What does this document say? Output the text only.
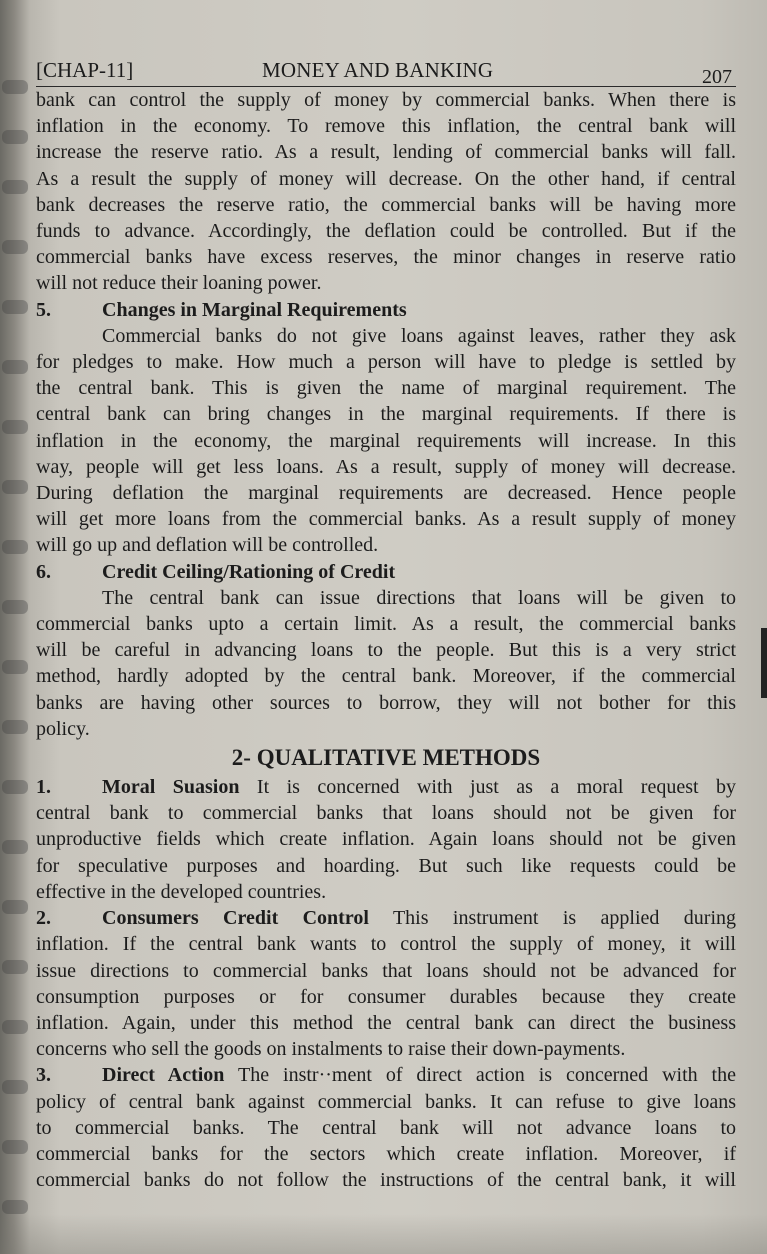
[CHAP-11]	MONEY AND BANKING	207
bank can control the supply of money by commercial banks. When there is
inflation in the economy. To remove this inflation, the central bank will
increase the reserve ratio. As a result, lending of commercial banks will fall.
As a result the supply of money will decrease. On the other hand, if central
bank decreases the reserve ratio, the commercial banks will be having more
funds to advance. Accordingly, the deflation could be controlled. But if the
commercial banks have excess reserves, the minor changes in reserve ratio
will not reduce their loaning power.
5.	Changes in Marginal Requirements
Commercial banks do not give loans against leaves, rather they ask
for pledges to make. How much a person will have to pledge is settled by
the central bank. This is given the name of marginal requirement. The
central bank can bring changes in the marginal requirements. If there is
inflation in the economy, the marginal requirements will increase. In this
way, people will get less loans. As a result, supply of money will decrease.
During deflation the marginal requirements are decreased. Hence people
will get more loans from the commercial banks. As a result supply of money
will go up and deflation will be controlled.
6.	Credit Ceiling/Rationing of Credit
The central bank can issue directions that loans will be given to
commercial banks upto a certain limit. As a result, the commercial banks
will be careful in advancing loans to the people. But this is a very strict
method, hardly adopted by the central bank. Moreover, if the commercial
banks are having other sources to borrow, they will not bother for this
policy.
2- QUALITATIVE METHODS
1.	Moral Suasion It is concerned with just as a moral request by
central bank to commercial banks that loans should not be given for
unproductive fields which create inflation. Again loans should not be given
for speculative purposes and hoarding. But such like requests could be
effective in the developed countries.
2.	Consumers Credit Control This instrument is applied during
inflation. If the central bank wants to control the supply of money, it will
issue directions to commercial banks that loans should not be advanced for
consumption purposes or for consumer durables because they create
inflation. Again, under this method the central bank can direct the business
concerns who sell the goods on instalments to raise their down-payments.
3.	Direct Action The instr··ment of direct action is concerned with the
policy of central bank against commercial banks. It can refuse to give loans
to commercial banks. The central bank will not advance loans to
commercial banks for the sectors which create inflation. Moreover, if
commercial banks do not follow the instructions of the central bank, it will
